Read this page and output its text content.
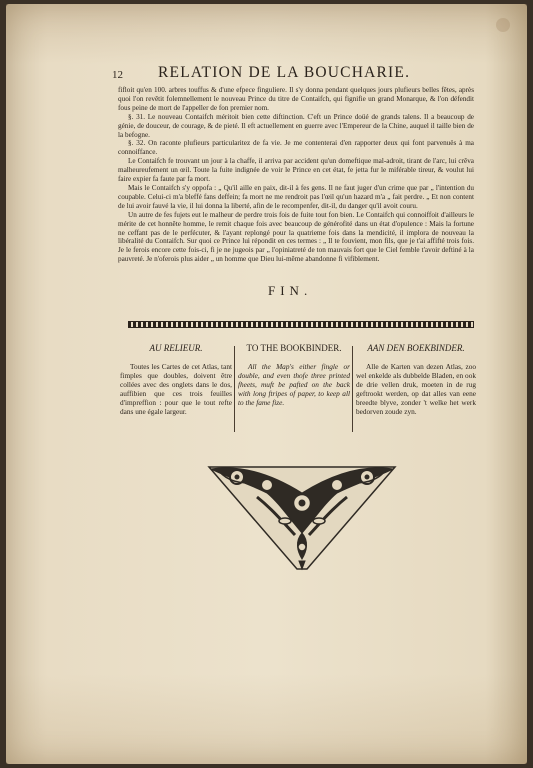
12 RELATION DE LA BOUCHARIE.

fifloit qu'en 100. arbres touffus & d'une efpece finguliere. Il s'y donna pendant quelques jours plufieurs belles fêtes, après quoi l'on revêtit folemnellement le nouveau Prince du titre de Contaifch, qui fignifie un grand Monarque, & l'on défendit fous peine de mort de l'appeller de fon premier nom.

§. 31. Le nouveau Contaifch méritoit bien cette diftinction. C'eft un Prince doüé de grands talens. Il a beaucoup de génie, de douceur, de courage, & de pieté. Il eft actuellement en guerre avec l'Empereur de la Chine, auquel il taille bien de la befogne.

§. 32. On raconte plufieurs particularitez de fa vie. Je me contenterai d'en rapporter deux qui font parvenuës à ma connoiffance.

Le Contaifch fe trouvant un jour à la chaffe, il arriva par accident qu'un domeftique mal-adroit, tirant de l'arc, lui crêva malheureufement un œil. Toute la fuite indignée de voir le Prince en cet état, fe jetta fur le miférable tireur, & voulut lui faire expier fa faute par fa mort.

Mais le Contaifch s'y oppofa : „ Qu'il aille en paix, dit-il à fes gens. Il ne faut juger d'un crime que par „ l'intention du coupable. Celui-ci m'a bleffé fans deffein; fa mort ne me rendroit pas l'œil qu'un hazard m'a „ fait perdre. „ Et non content de lui avoir fauvé la vie, il lui donna la liberté, afin de le recompenfer, dit-il, du danger qu'il avoit couru.

Un autre de fes fujets eut le malheur de perdre trois fois de fuite tout fon bien. Le Contaifch qui connoiffoit d'ailleurs le mérite de cet honnête homme, le remit chaque fois avec beaucoup de générofité dans un état d'opulence : Mais la fortune ne ceffant pas de le perfécuter, & l'ayant replongé pour la quatrieme fois dans la mendicité, il implora de nouveau la libéralité du Contaifch. Sur quoi ce Prince lui répondit en ces termes : „ Il te fouvient, mon fils, que je t'ai affifté trois fois. Je le ferois encore cette fois-ci, fi je ne jugeois par „ l'opiniatreté de ton mauvais fort que le Ciel femble t'avoir deftiné à la pauvreté. Je n'oferois plus aider „ un homme que Dieu lui-même abandonne fi vifiblement.

FIN.
AU RELIEUR.

Toutes les Cartes de cet Atlas, tant fimples que doubles, doivent être collées avec des onglets dans le dos, auffibien que ces trois feuilles d'impreffion : pour que le tout refte dans une égale largeur.

TO THE BOOKBINDER.

All the Map's either fingle or double, and even thofe three printed fheets, muft be pafted on the back with long ftripes of paper, to keep all to the fame fize.

AAN DEN BOEKBINDER.

Alle de Karten van dezen Atlas, zoo wel enkelde als dubbelde Bladen, en ook de drie vellen druk, moeten in de rug geftrookt werden, op dat alles van eene breedte blyve, zonder 't welke het werk bedorven zoude zyn.
